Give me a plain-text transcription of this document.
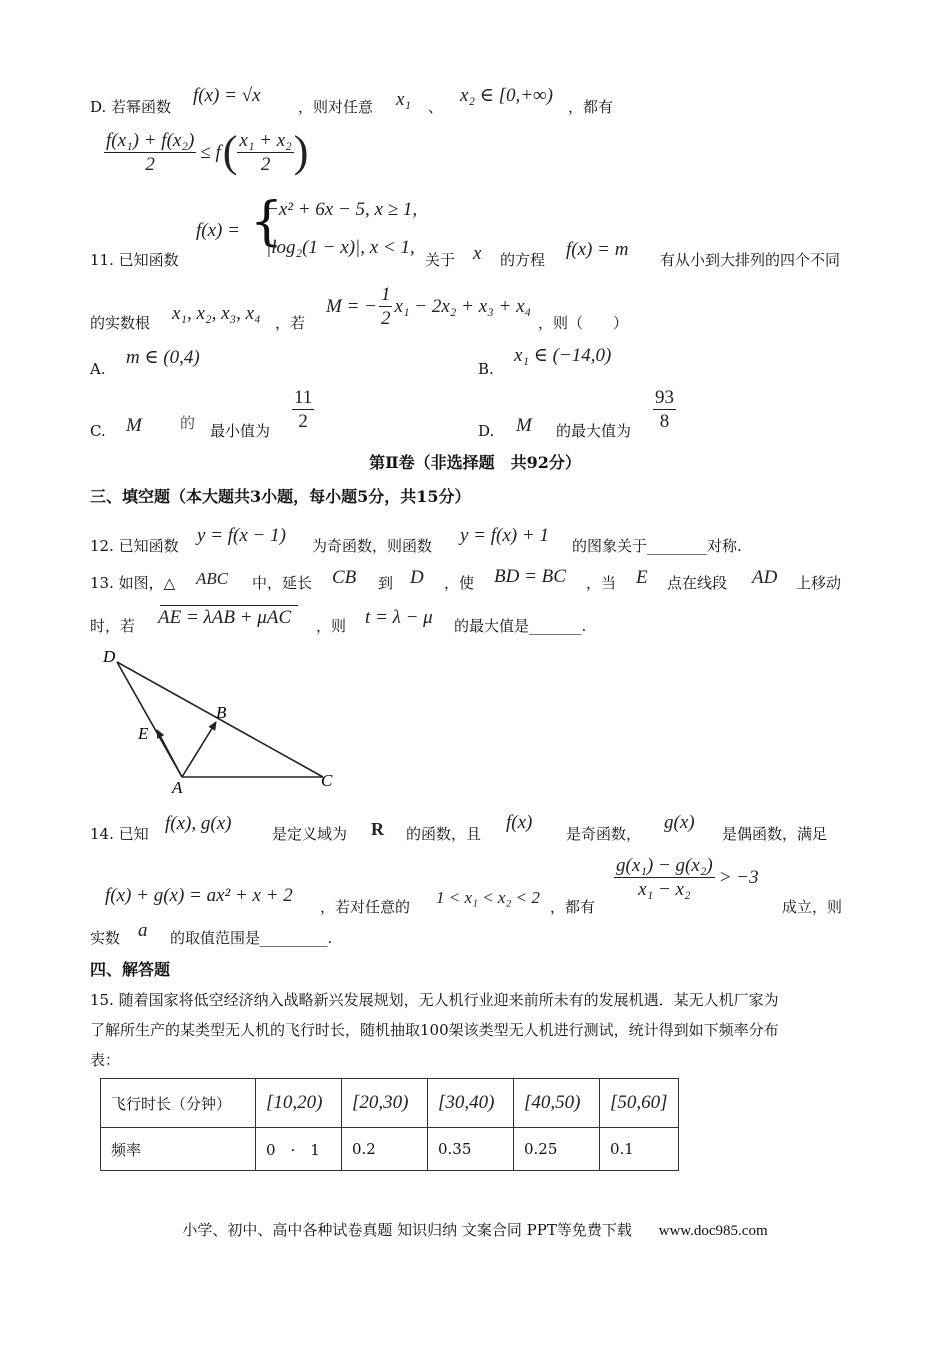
D. 若幂函数
f(x) = √x
，则对任意 x₁ 、
x₂ ∈ [0,+∞)
，都有
$\frac{\text{f(x₁) + f(x₂)}}{2} \le f$ ( $\frac{\text{x₁ + x₂}}{2}$ )
11. 已知函数
f(x) = {
−x² + 6x − 5, x ≥ 1,
|log₂(1 − x)|, x < 1,
关于 x 的方程 f(x) = m 有从小到大排列的四个不同
的实数根 x₁, x₂, x₃, x₄ ，若
M = − $\frac{1}{2} x_1 - 2x_2 + x_3 + x_4$
，则（　　）
A.
m ∈ (0,4)
B.
x₁ ∈ (−14,0)
C. M	的 最小值为 $\frac{11}{2}$	D. M 的最大值为 $\frac{93}{8}$
第Ⅱ卷（非选择题　共92分）
三、填空题（本大题共3小题，每小题5分，共15分）
12. 已知函数 y = f(x − 1) 为奇函数，则函数 y = f(x) + 1 的图象关于________对称.
13. 如图，△ ABC 中，延长 CB 到 D ，使 BD = BC ，当 E 点在线段 AD 上移动
时，若 AE = λAB + μAC ，则 t = λ − μ 的最大值是_______.
D
B
E
A	C
14. 已知 f(x), g(x)	是定义域为 R 的函数，且
f(x)
是奇函数，
g(x)
是偶函数，满足
f(x) + g(x) = ax² + x + 2
，若对任意的 1 < x₁ < x₂ < 2 ，都有
$\frac{\text{g(x₁) − g(x₂)}}{\text{x₁ − x₂}} > -3$
成立，则
实数 a 的取值范围是_________.
四、解答题
15. 随着国家将低空经济纳入战略新兴发展规划，无人机行业迎来前所未有的发展机遇．某无人机厂家为
了解所生产的某类型无人机的飞行时长，随机抽取100架该类型无人机进行测试，统计得到如下频率分布
表：
飞行时长（分钟）	[10,20)	[20,30)	[30,40)	[40,50)	[50,60]
频率	0　·　1	0.2	0.35	0.25	0.1
小学、初中、高中各种试卷真题 知识归纳 文案合同 PPT等免费下载 www.doc985.com
